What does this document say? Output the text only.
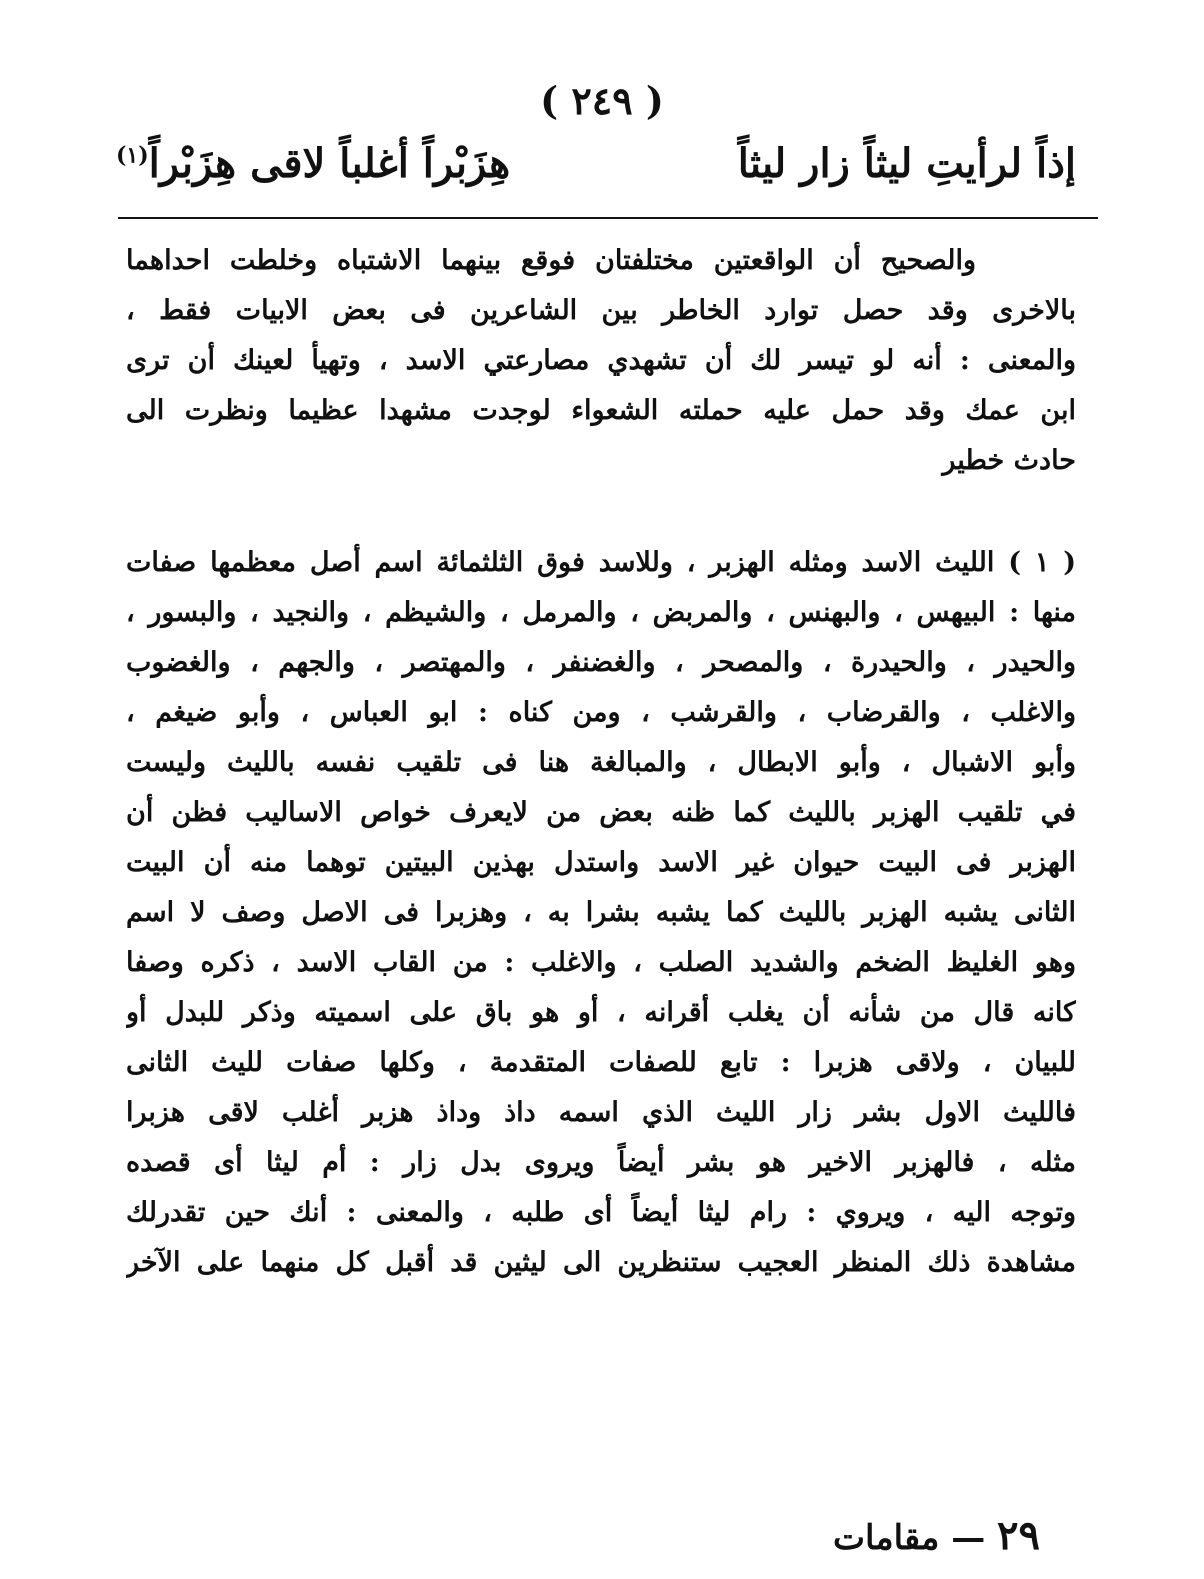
( ٢٤٩ )
إذاً لرأيتِ ليثاً زار ليثاً
هِزَبْراً أغلباً لاقى هِزَبْراً$^{(١)}$
والصحيح أن الواقعتين مختلفتان فوقع بينهما الاشتباه وخلطت احداهما
بالاخرى وقد حصل توارد الخاطر بين الشاعرين فى بعض الابيات فقط ،
والمعنى : أنه لو تيسر لك أن تشهدي مصارعتي الاسد ، وتهيأ لعينك أن ترى
ابن عمك وقد حمل عليه حملته الشعواء لوجدت مشهدا عظيما ونظرت الى
حادث خطير
( ١ ) الليث الاسد ومثله الهزبر ، وللاسد فوق الثلثمائة اسم أصل معظمها صفات
منها : البيهس ، والبهنس ، والمربض ، والمرمل ، والشيظم ، والنجيد ، والبسور ،
والحيدر ، والحيدرة ، والمصحر ، والغضنفر ، والمهتصر ، والجهم ، والغضوب
والاغلب ، والقرضاب ، والقرشب ، ومن كناه : ابو العباس ، وأبو ضيغم ،
وأبو الاشبال ، وأبو الابطال ، والمبالغة هنا فى تلقيب نفسه بالليث وليست
في تلقيب الهزبر بالليث كما ظنه بعض من لايعرف خواص الاساليب فظن أن
الهزبر فى البيت حيوان غير الاسد واستدل بهذين البيتين توهما منه أن البيت
الثانى يشبه الهزبر بالليث كما يشبه بشرا به ، وهزبرا فى الاصل وصف لا اسم
وهو الغليظ الضخم والشديد الصلب ، والاغلب : من القاب الاسد ، ذكره وصفا
كانه قال من شأنه أن يغلب أقرانه ، أو هو باق على اسميته وذكر للبدل أو
للبيان ، ولاقى هزبرا : تابع للصفات المتقدمة ، وكلها صفات لليث الثانى
فالليث الاول بشر زار الليث الذي اسمه داذ وداذ هزبر أغلب لاقى هزبرا
مثله ، فالهزبر الاخير هو بشر أيضاً ويروى بدل زار : أم ليثا أى قصده
وتوجه اليه ، ويروي : رام ليثا أيضاً أى طلبه ، والمعنى : أنك حين تقدرلك
مشاهدة ذلك المنظر العجيب ستنظرين الى ليثين قد أقبل كل منهما على الآخر
٢٩ — مقامات
